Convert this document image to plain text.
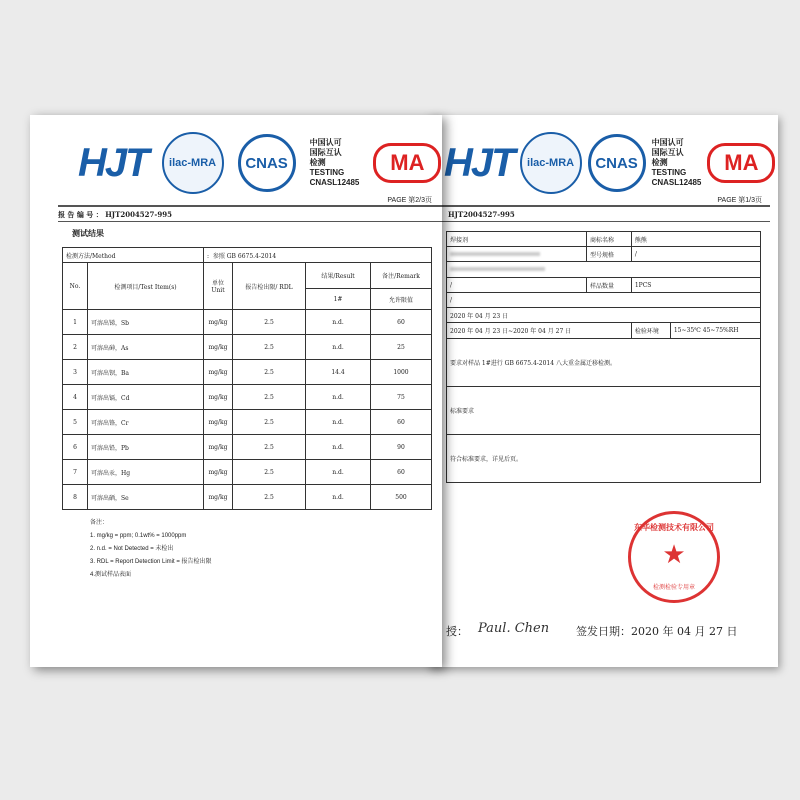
HJT	ilac-MRA	CNAS
中国认可
国际互认
检测
TESTING
CNASL12485
MA
PAGE 第1/3页
HJT2004527-995
焊接剂	商标名称	熊熊	
	型号规格	/	

/	样品数量	1PCS	
/			
2020 年 04 月 23 日			
2020 年 04 月 23 日~2020 年 04 月 27 日		检验环境	15~35℃ 45~75%RH
要求对样品 1#进行 GB 6675.4-2014 八大重金属迁移检测。			
标准要求			
符合标准要求，详见后页。			
授： Paul. Chen 签发日期：2020 年 04 月 27 日
东华检测技术有限公司
★
检测检验专用章
HJT	ilac-MRA	CNAS
中国认可
国际互认
检测
TESTING
CNASL12485
MA
PAGE 第2/3页
报 告 编 号 ： HJT2004527-995
测试结果
检测方法/Method		: 参照 GB 6675.4-2014			
No.	检测项目/Test Item(s)	单位 Unit	报告检出限/ RDL	结果/Result	备注/Remark
				1#	允许限值
1	可溶出锑，Sb	mg/kg	2.5	n.d.	60
2	可溶出砷，As	mg/kg	2.5	n.d.	25
3	可溶出钡，Ba	mg/kg	2.5	14.4	1000
4	可溶出镉，Cd	mg/kg	2.5	n.d.	75
5	可溶出铬，Cr	mg/kg	2.5	n.d.	60
6	可溶出铅，Pb	mg/kg	2.5	n.d.	90
7	可溶出汞，Hg	mg/kg	2.5	n.d.	60
8	可溶出硒，Se	mg/kg	2.5	n.d.	500
备注：
1. mg/kg = ppm; 0.1wt% = 1000ppm
2. n.d. = Not Detected = 未检出
3. RDL = Report Detection Limit = 报告检出限
4.测试样品表面
